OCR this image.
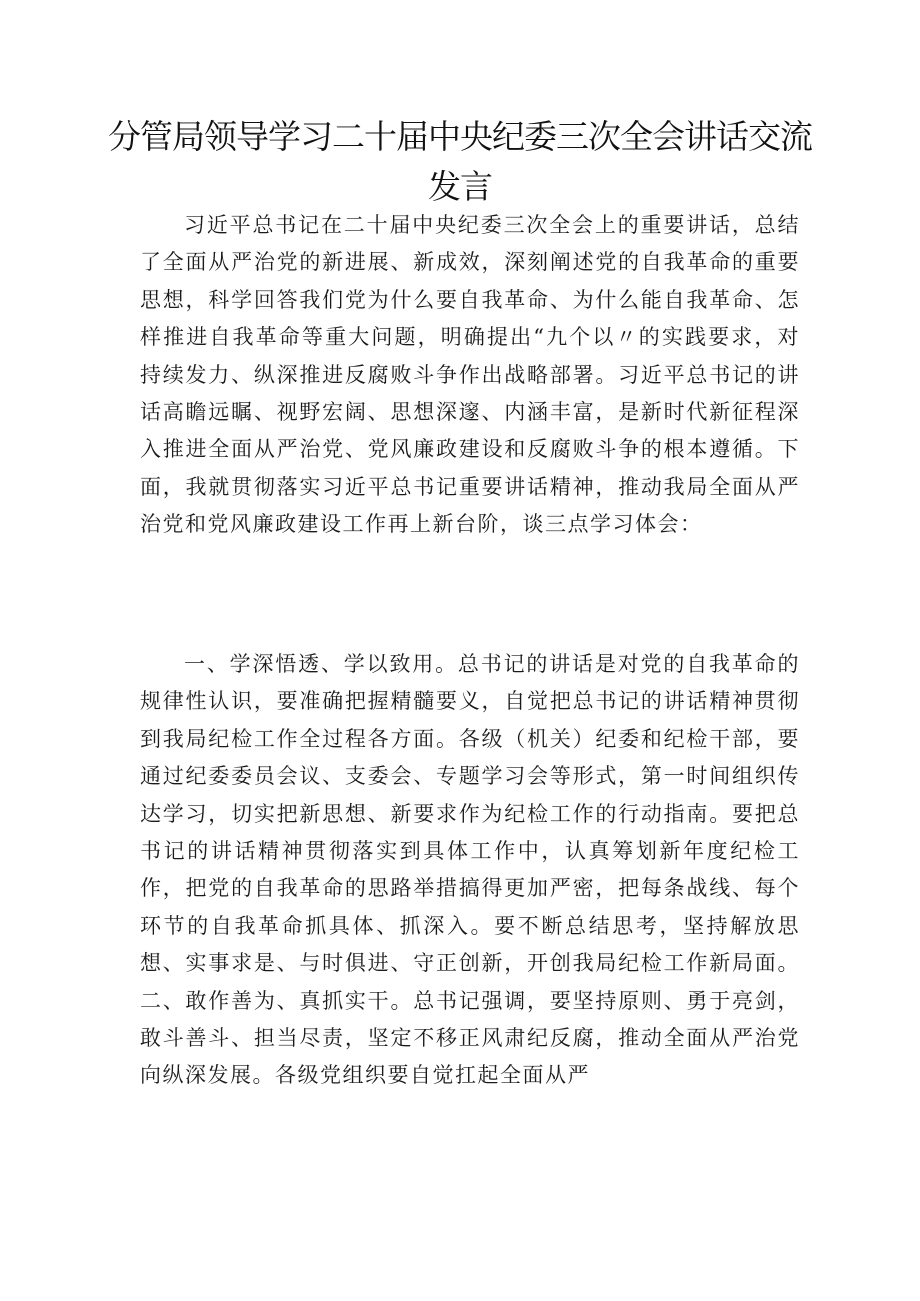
分管局领导学习二十届中央纪委三次全会讲话交流发言

习近平总书记在二十届中央纪委三次全会上的重要讲话，总结了全面从严治党的新进展、新成效，深刻阐述党的自我革命的重要思想，科学回答我们党为什么要自我革命、为什么能自我革命、怎样推进自我革命等重大问题，明确提出“九个以〃的实践要求，对持续发力、纵深推进反腐败斗争作出战略部署。习近平总书记的讲话高瞻远瞩、视野宏阔、思想深邃、内涵丰富，是新时代新征程深入推进全面从严治党、党风廉政建设和反腐败斗争的根本遵循。下面，我就贯彻落实习近平总书记重要讲话精神，推动我局全面从严治党和党风廉政建设工作再上新台阶，谈三点学习体会：

一、学深悟透、学以致用。总书记的讲话是对党的自我革命的规律性认识，要准确把握精髓要义，自觉把总书记的讲话精神贯彻到我局纪检工作全过程各方面。各级（机关）纪委和纪检干部，要通过纪委委员会议、支委会、专题学习会等形式，第一时间组织传达学习，切实把新思想、新要求作为纪检工作的行动指南。要把总书记的讲话精神贯彻落实到具体工作中，认真筹划新年度纪检工作，把党的自我革命的思路举措搞得更加严密，把每条战线、每个环节的自我革命抓具体、抓深入。要不断总结思考，坚持解放思想、实事求是、与时俱进、守正创新，开创我局纪检工作新局面。二、敢作善为、真抓实干。总书记强调，要坚持原则、勇于亮剑，敢斗善斗、担当尽责，坚定不移正风肃纪反腐，推动全面从严治党向纵深发展。各级党组织要自觉扛起全面从严
